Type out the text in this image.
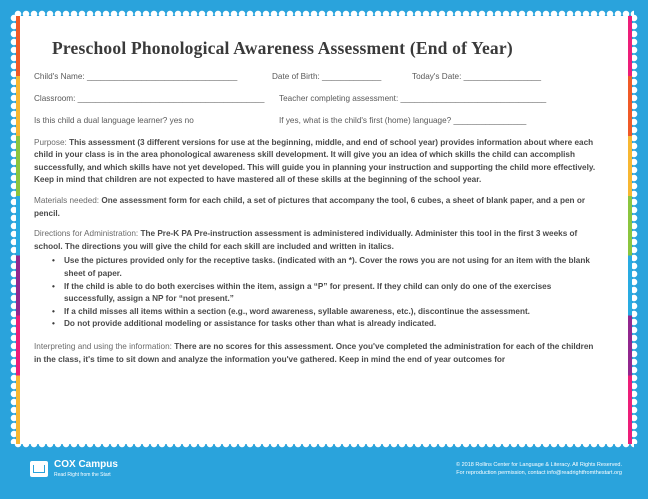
Preschool Phonological Awareness Assessment (End of Year)
Child's Name: _________________________________	Date of Birth: _____________	Today's Date: _________________
Classroom: _________________________________________	Teacher completing assessment: ________________________________
Is this child a dual language learner? yes no	If yes, what is the child's first (home) language? ________________
Purpose: This assessment (3 different versions for use at the beginning, middle, and end of school year) provides information about where each child in your class is in the area phonological awareness skill development. It will give you an idea of which skills the child can accomplish successfully, and which skills have not yet developed. This will guide you in planning your instruction and supporting the child more effectively. Keep in mind that children are not expected to have mastered all of these skills at the beginning of the school year.
Materials needed: One assessment form for each child, a set of pictures that accompany the tool, 6 cubes, a sheet of blank paper, and a pen or pencil.
Directions for Administration: The Pre-K PA Pre-instruction assessment is administered individually. Administer this tool in the first 3 weeks of school. The directions you will give the child for each skill are included and written in italics.
• Use the pictures provided only for the receptive tasks. (indicated with an *). Cover the rows you are not using for an item with the blank sheet of paper.
• If the child is able to do both exercises within the item, assign a “P” for present. If they child can only do one of the exercises successfully, assign a NP for “not present.”
• If a child misses all items within a section (e.g., word awareness, syllable awareness, etc.), discontinue the assessment.
• Do not provide additional modeling or assistance for tasks other than what is already indicated.
Interpreting and using the information: There are no scores for this assessment. Once you've completed the administration for each of the children in the class, it's time to sit down and analyze the information you've gathered. Keep in mind the end of year outcomes for
COX Campus
Read Right from the Start
© 2018 Rollins Center for Language & Literacy. All Rights Reserved.
For reproduction permission, contact info@readrightfromthestart.org
